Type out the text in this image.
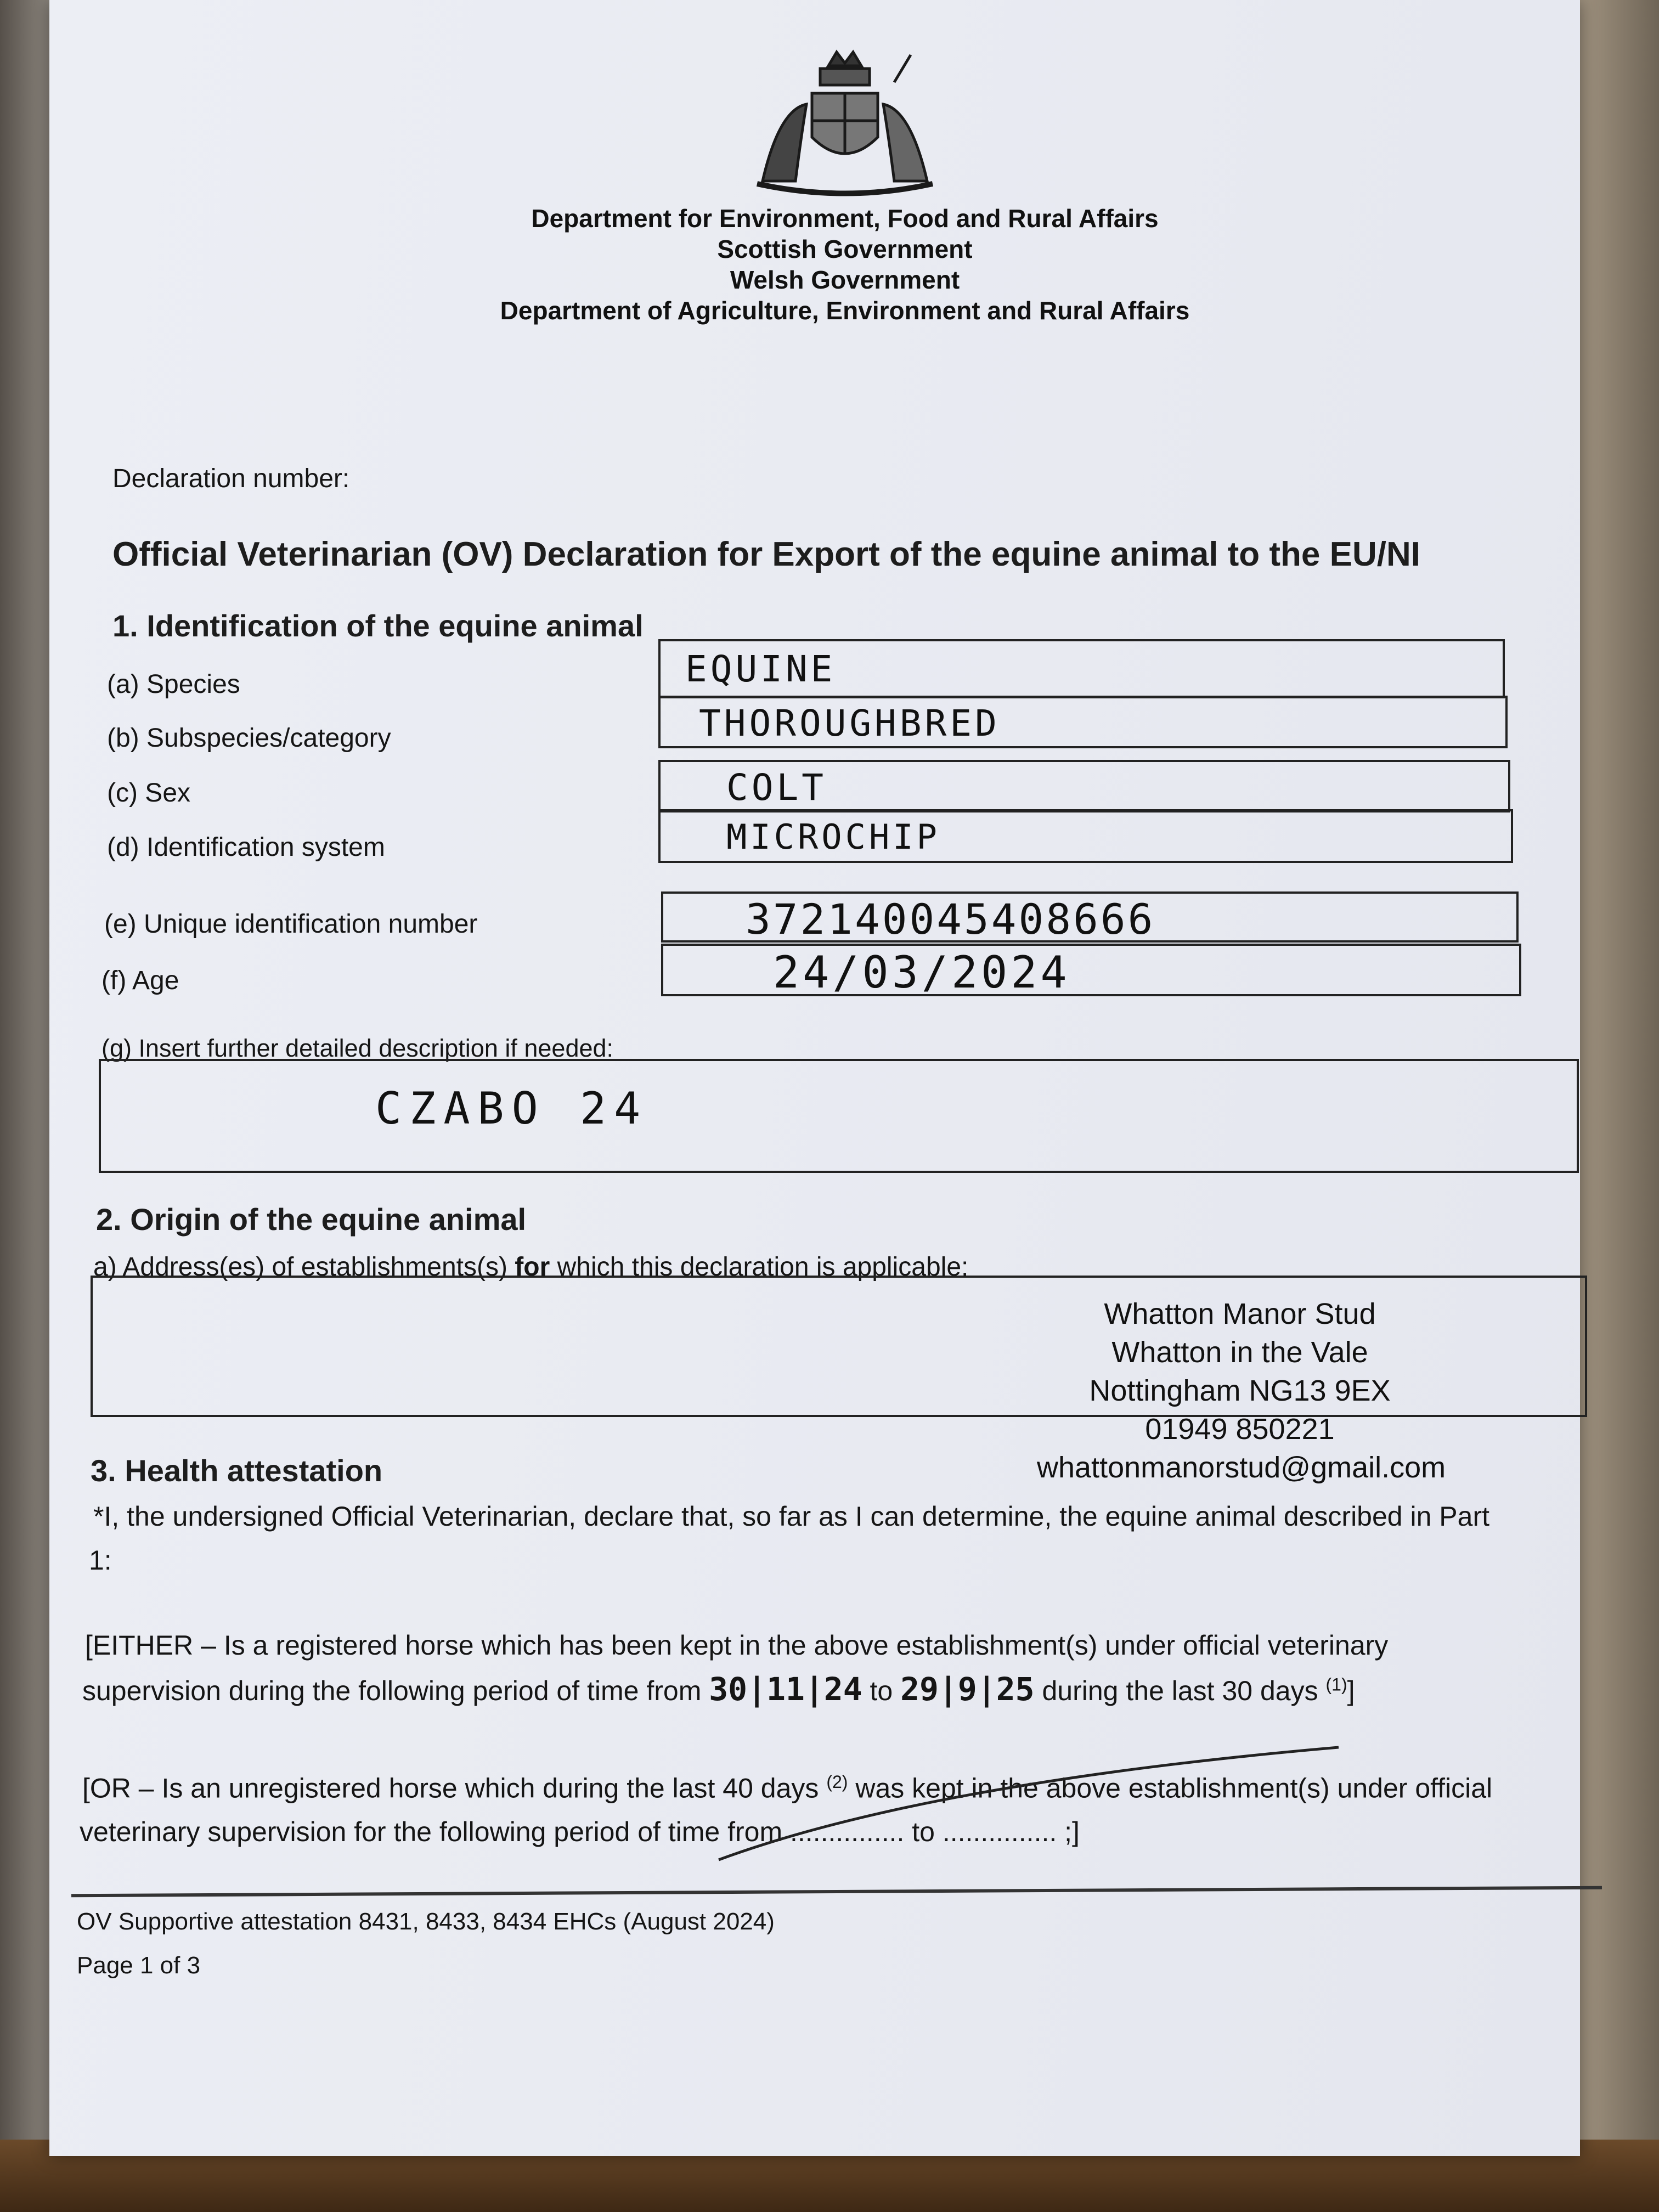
Department for Environment, Food and Rural Affairs
Scottish Government
Welsh Government
Department of Agriculture, Environment and Rural Affairs
Declaration number:
Official Veterinarian (OV) Declaration for Export of the equine animal to the EU/NI
1. Identification of the equine animal
(a) Species	EQUINE
(b) Subspecies/category	THOROUGHBRED
(c) Sex	COLT
(d) Identification system	MICROCHIP
(e) Unique identification number	372140045408666
(f) Age	24/03/2024
(g) Insert further detailed description if needed:
CZABO 24
2. Origin of the equine animal
a) Address(es) of establishments(s) for which this declaration is applicable:
Whatton Manor Stud
Whatton in the Vale
Nottingham NG13 9EX
01949 850221
whattonmanorstud@gmail.com
3. Health attestation
*I, the undersigned Official Veterinarian, declare that, so far as I can determine, the equine animal described in Part
1:
[EITHER – Is a registered horse which has been kept in the above establishment(s) under official veterinary
supervision during the following period of time from 30|11|24 to 29|9|25 during the last 30 days $^{(1)}$]
[OR – Is an unregistered horse which during the last 40 days $^{(2)}$ was kept in the above establishment(s) under official
veterinary supervision for the following period of time from ............... to ............... ;]
OV Supportive attestation 8431, 8433, 8434 EHCs (August 2024)
Page 1 of 3
